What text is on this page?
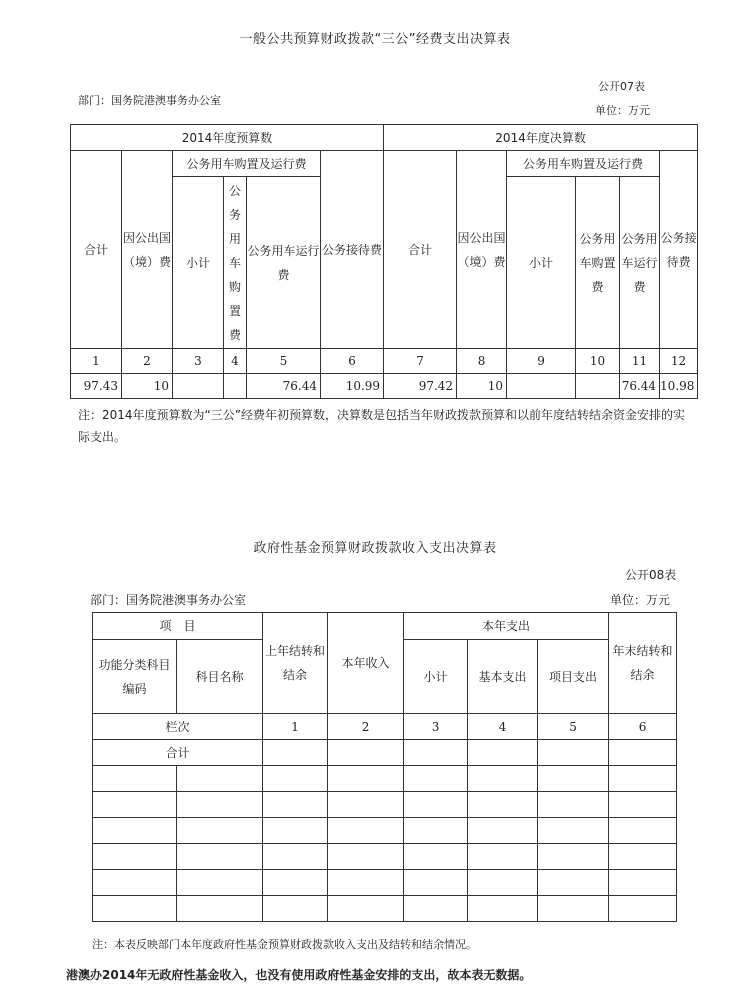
一般公共预算财政拨款“三公”经费支出决算表
公开07表
部门：国务院港澳事务办公室
单位：万元
2014年度预算数						2014年度决算数					
合计	因公出国（境）费	公务用车购置及运行费			公务接待费	合计	因公出国（境）费	公务用车购置及运行费			公务接待费
		小计	公务用车购置费	公务用车运行费				小计	公务用车购置费	公务用车运行费	
1	2	3	4	5	6	7	8	9	10	11	12
97.43	10			76.44	10.99	97.42	10			76.44	10.98
注：2014年度预算数为“三公”经费年初预算数，决算数是包括当年财政拨款预算和以前年度结转结余资金安排的实际支出。
政府性基金预算财政拨款收入支出决算表
公开08表
部门：国务院港澳事务办公室	单位：万元
项　目		上年结转和结余	本年收入	本年支出			年末结转和结余
功能分类科目编码	科目名称			小计	基本支出	项目支出	
栏次		1	2	3	4	5	6
合计							

注：本表反映部门本年度政府性基金预算财政拨款收入支出及结转和结余情况。
港澳办2014年无政府性基金收入，也没有使用政府性基金安排的支出，故本表无数据。
